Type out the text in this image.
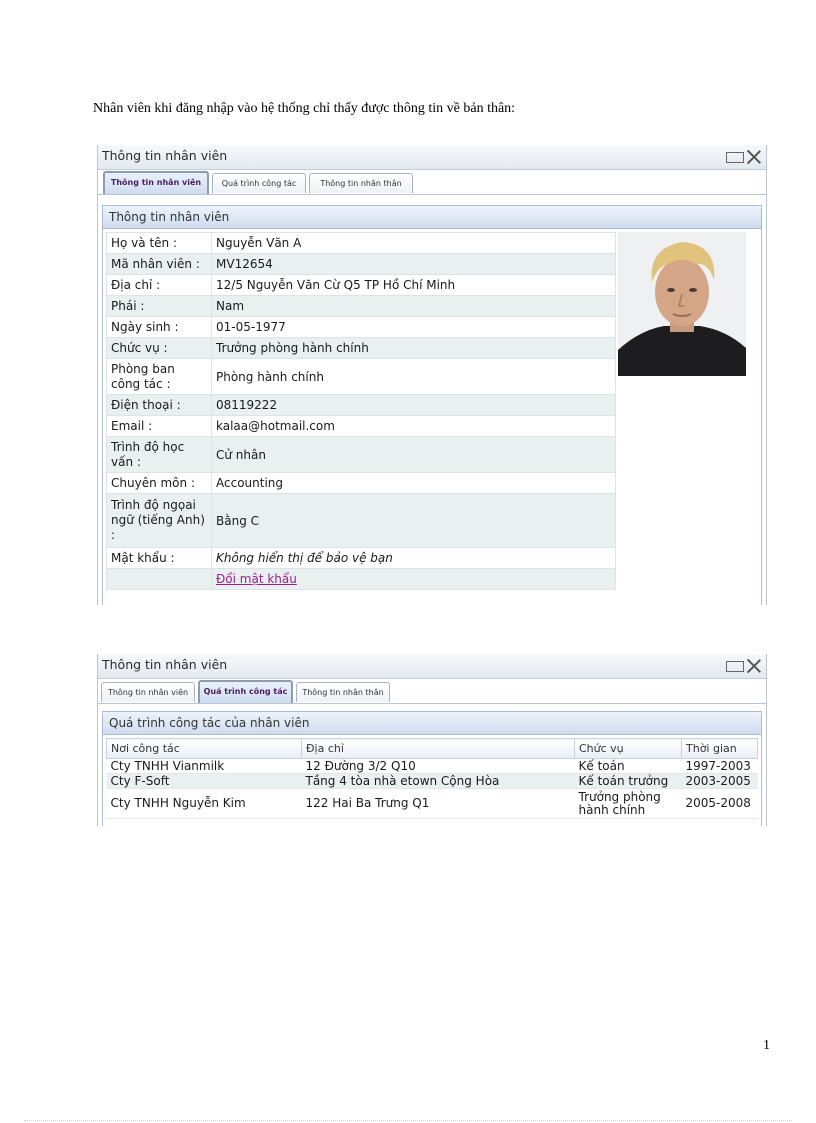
Nhân viên khi đăng nhập vào hệ thống chỉ thấy được thông tin về bản thân:
Thông tin nhân viên
Thông tin nhân viên	Quá trình công tác	Thông tin nhân thân
Thông tin nhân viên
Họ và tên :	Nguyễn Văn A
Mã nhân viên :	MV12654
Địa chỉ :	12/5 Nguyễn Văn Cừ Q5 TP Hồ Chí Minh
Phái :	Nam
Ngày sinh :	01-05-1977
Chức vụ :	Trưởng phòng hành chính
Phòng ban công tác :	Phòng hành chính
Điện thoại :	08119222
Email :	kalaa@hotmail.com
Trình độ học vấn :	Cử nhân
Chuyên môn :	Accounting
Trình độ ngọai ngữ (tiếng Anh) :	Bằng C
Mật khẩu :	Không hiển thị để bảo vệ bạn
	Đổi mật khẩu
Thông tin nhân viên
Thông tin nhân viên	Quá trình công tác	Thông tin nhân thân
Quá trình công tác của nhân viên
Nơi công tác	Địa chỉ	Chức vụ	Thời gian
Cty TNHH Vianmilk	12 Đường 3/2 Q10	Kế toán	1997-2003
Cty F-Soft	Tầng 4 tòa nhà etown Cộng Hòa	Kế toán trưởng	2003-2005
Cty TNHH Nguyễn Kim	122 Hai Ba Trưng Q1	Trưởng phòng hành chính	2005-2008
1
